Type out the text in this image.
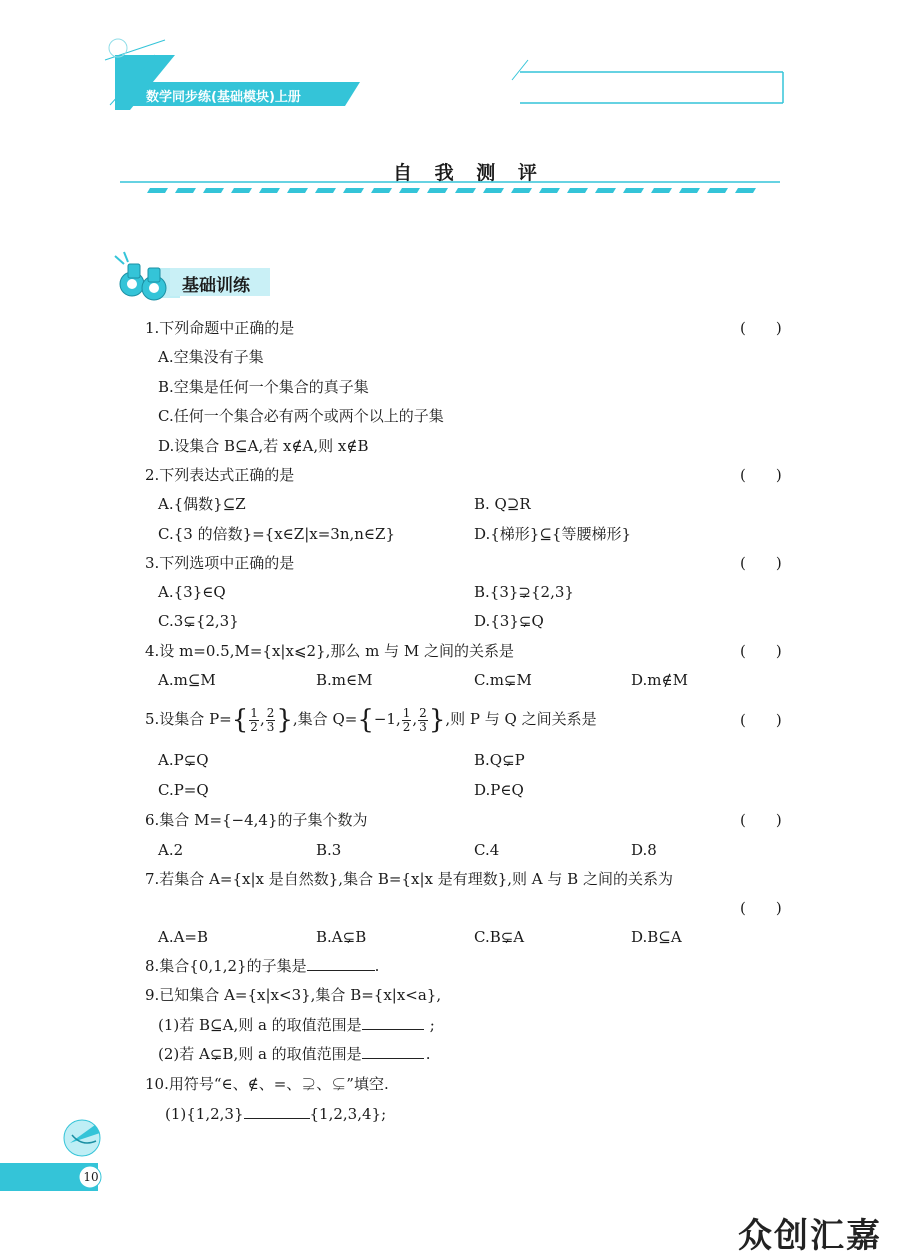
数学同步练(基础模块)上册
自 我 测 评
基础训练
1.下列命题中正确的是	(　　)
A.空集没有子集
B.空集是任何一个集合的真子集
C.任何一个集合必有两个或两个以上的子集
D.设集合 B⊆A,若 x∉A,则 x∉B
2.下列表达式正确的是	(　　)
A.{偶数}⊆Z	B. Q⊇R
C.{3 的倍数}={x∈Z|x=3n,n∈Z}	D.{梯形}⊆{等腰梯形}
3.下列选项中正确的是	(　　)
A.{3}∈Q	B.{3}⊋{2,3}
C.3⊊{2,3}	D.{3}⊊Q
4.设 m=0.5,M={x|x⩽2},那么 m 与 M 之间的关系是	(　　)
A.m⊆M	B.m∈M	C.m⊊M	D.m∉M
5.设集合 $P=\{ \frac{1}{2}$ , $\frac{2}{3}$ },集合 Q={−1, $\frac{1}{2}$ , $\frac{2}{3}$ },则 P 与 Q 之间关系是	(　　)
A.P⊊Q	B.Q⊊P
C.P=Q	D.P∈Q
6.集合 M={−4,4}的子集个数为	(　　)
A.2	B.3	C.4	D.8
7.若集合 A={x|x 是自然数},集合 B={x|x 是有理数},则 A 与 B 之间的关系为
(　　)
A.A=B	B.A⊊B	C.B⊊A	D.B⊆A
8.集合{0,1,2}的子集是	.
9.已知集合 A={x|x<3},集合 B={x|x<a},
(1)若 B⊆A,则 a 的取值范围是	;
(2)若 A⊊B,则 a 的取值范围是	.
10.用符号“∈、∉、=、⊋、⊊”填空.
(1){1,2,3}	{1,2,3,4};
10
众创汇嘉
